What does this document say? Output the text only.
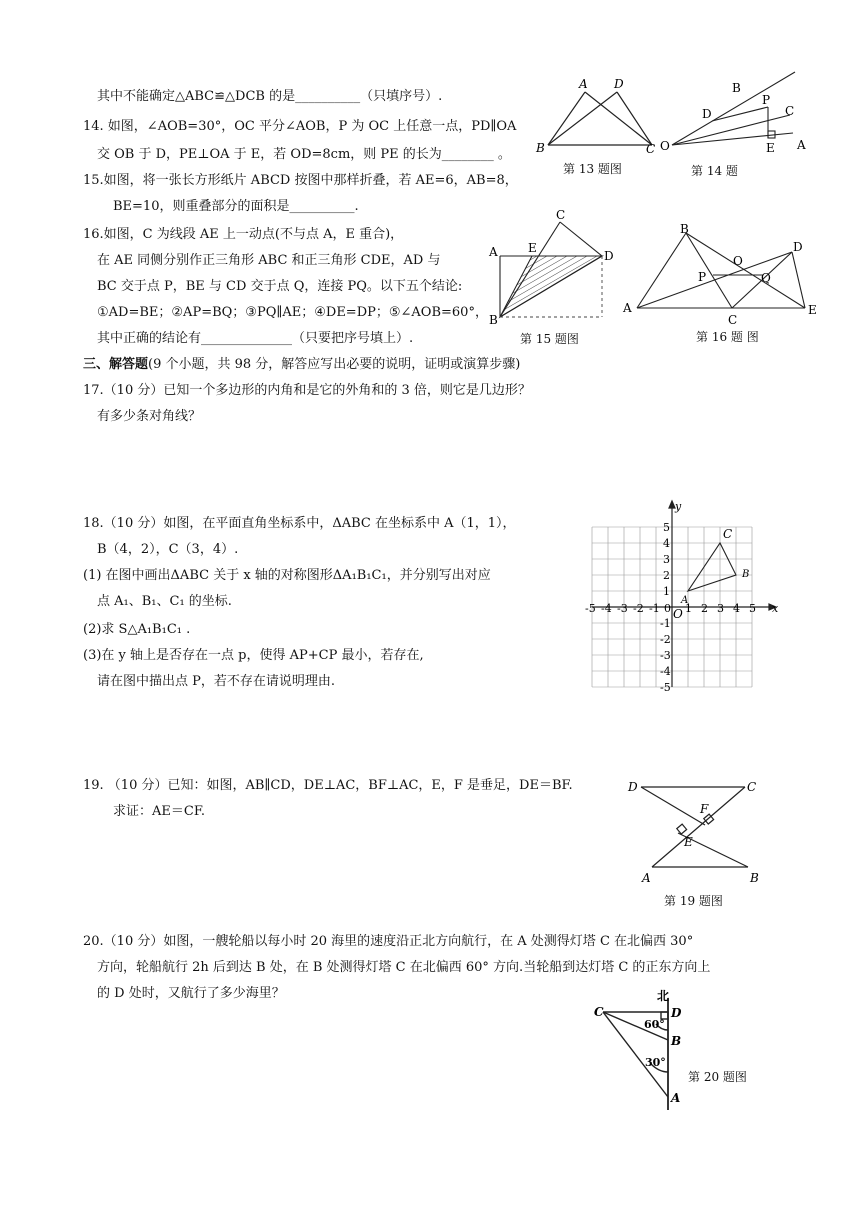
其中不能确定△ABC≌△DCB 的是__________（只填序号）.
14. 如图，∠AOB=30°，OC 平分∠AOB，P 为 OC 上任意一点，PD∥OA
交 OB 于 D，PE⊥OA 于 E，若 OD=8cm，则 PE 的长为________ 。
15.如图，将一张长方形纸片 ABCD 按图中那样折叠，若 AE=6，AB=8，
BE=10，则重叠部分的面积是__________.
16.如图，C 为线段 AE 上一动点(不与点 A，E 重合)，
在 AE 同侧分别作正三角形 ABC 和正三角形 CDE，AD 与
BC 交于点 P，BE 与 CD 交于点 Q，连接 PQ。以下五个结论:
①AD=BE；②AP=BQ；③PQ∥AE；④DE=DP；⑤∠AOB=60°，
其中正确的结论有______________（只要把序号填上）.
三、解答题(9 个小题，共 98 分，解答应写出必要的说明，证明或演算步骤)
17.（10 分）已知一个多边形的内角和是它的外角和的 3 倍，则它是几边形？
有多少条对角线？
18.（10 分）如图，在平面直角坐标系中，ΔABC 在坐标系中 A（1，1），
B（4，2），C（3，4）.
(1) 在图中画出ΔABC 关于 x 轴的对称图形ΔA₁B₁C₁，并分别写出对应
点 A₁、B₁、C₁ 的坐标.
(2)求 S△A₁B₁C₁ .
(3)在 y 轴上是否存在一点 p，使得 AP+CP 最小，若存在,
请在图中描出点 P，若不存在请说明理由.
19. （10 分）已知：如图，AB∥CD，DE⊥AC，BF⊥AC，E，F 是垂足，DE＝BF.
求证：AE＝CF.
20.（10 分）如图，一艘轮船以每小时 20 海里的速度沿正北方向航行，在 A 处测得灯塔 C 在北偏西 30°
方向，轮船航行 2h 后到达 B 处，在 B 处测得灯塔 C 在北偏西 60° 方向.当轮船到达灯塔 C 的正东方向上
的 D 处时，又航行了多少海里？
A D
B	C
第 13 题图
B
D
P
C
O	E A
第 14 题
C
A	E
D
B
第 15 题图
B
D
O
P	Q
A
C
E
第 16 题 图
-5 -4 -3 -2 -1 0 1 2 3 4 5
5
4
3
2
1
-1
-2
-3
-4
-5
y
x
O
A
B
C
D	C
F
E
A	B
第 19 题图
北
C	D
60°
B
30°
A
第 20 题图
